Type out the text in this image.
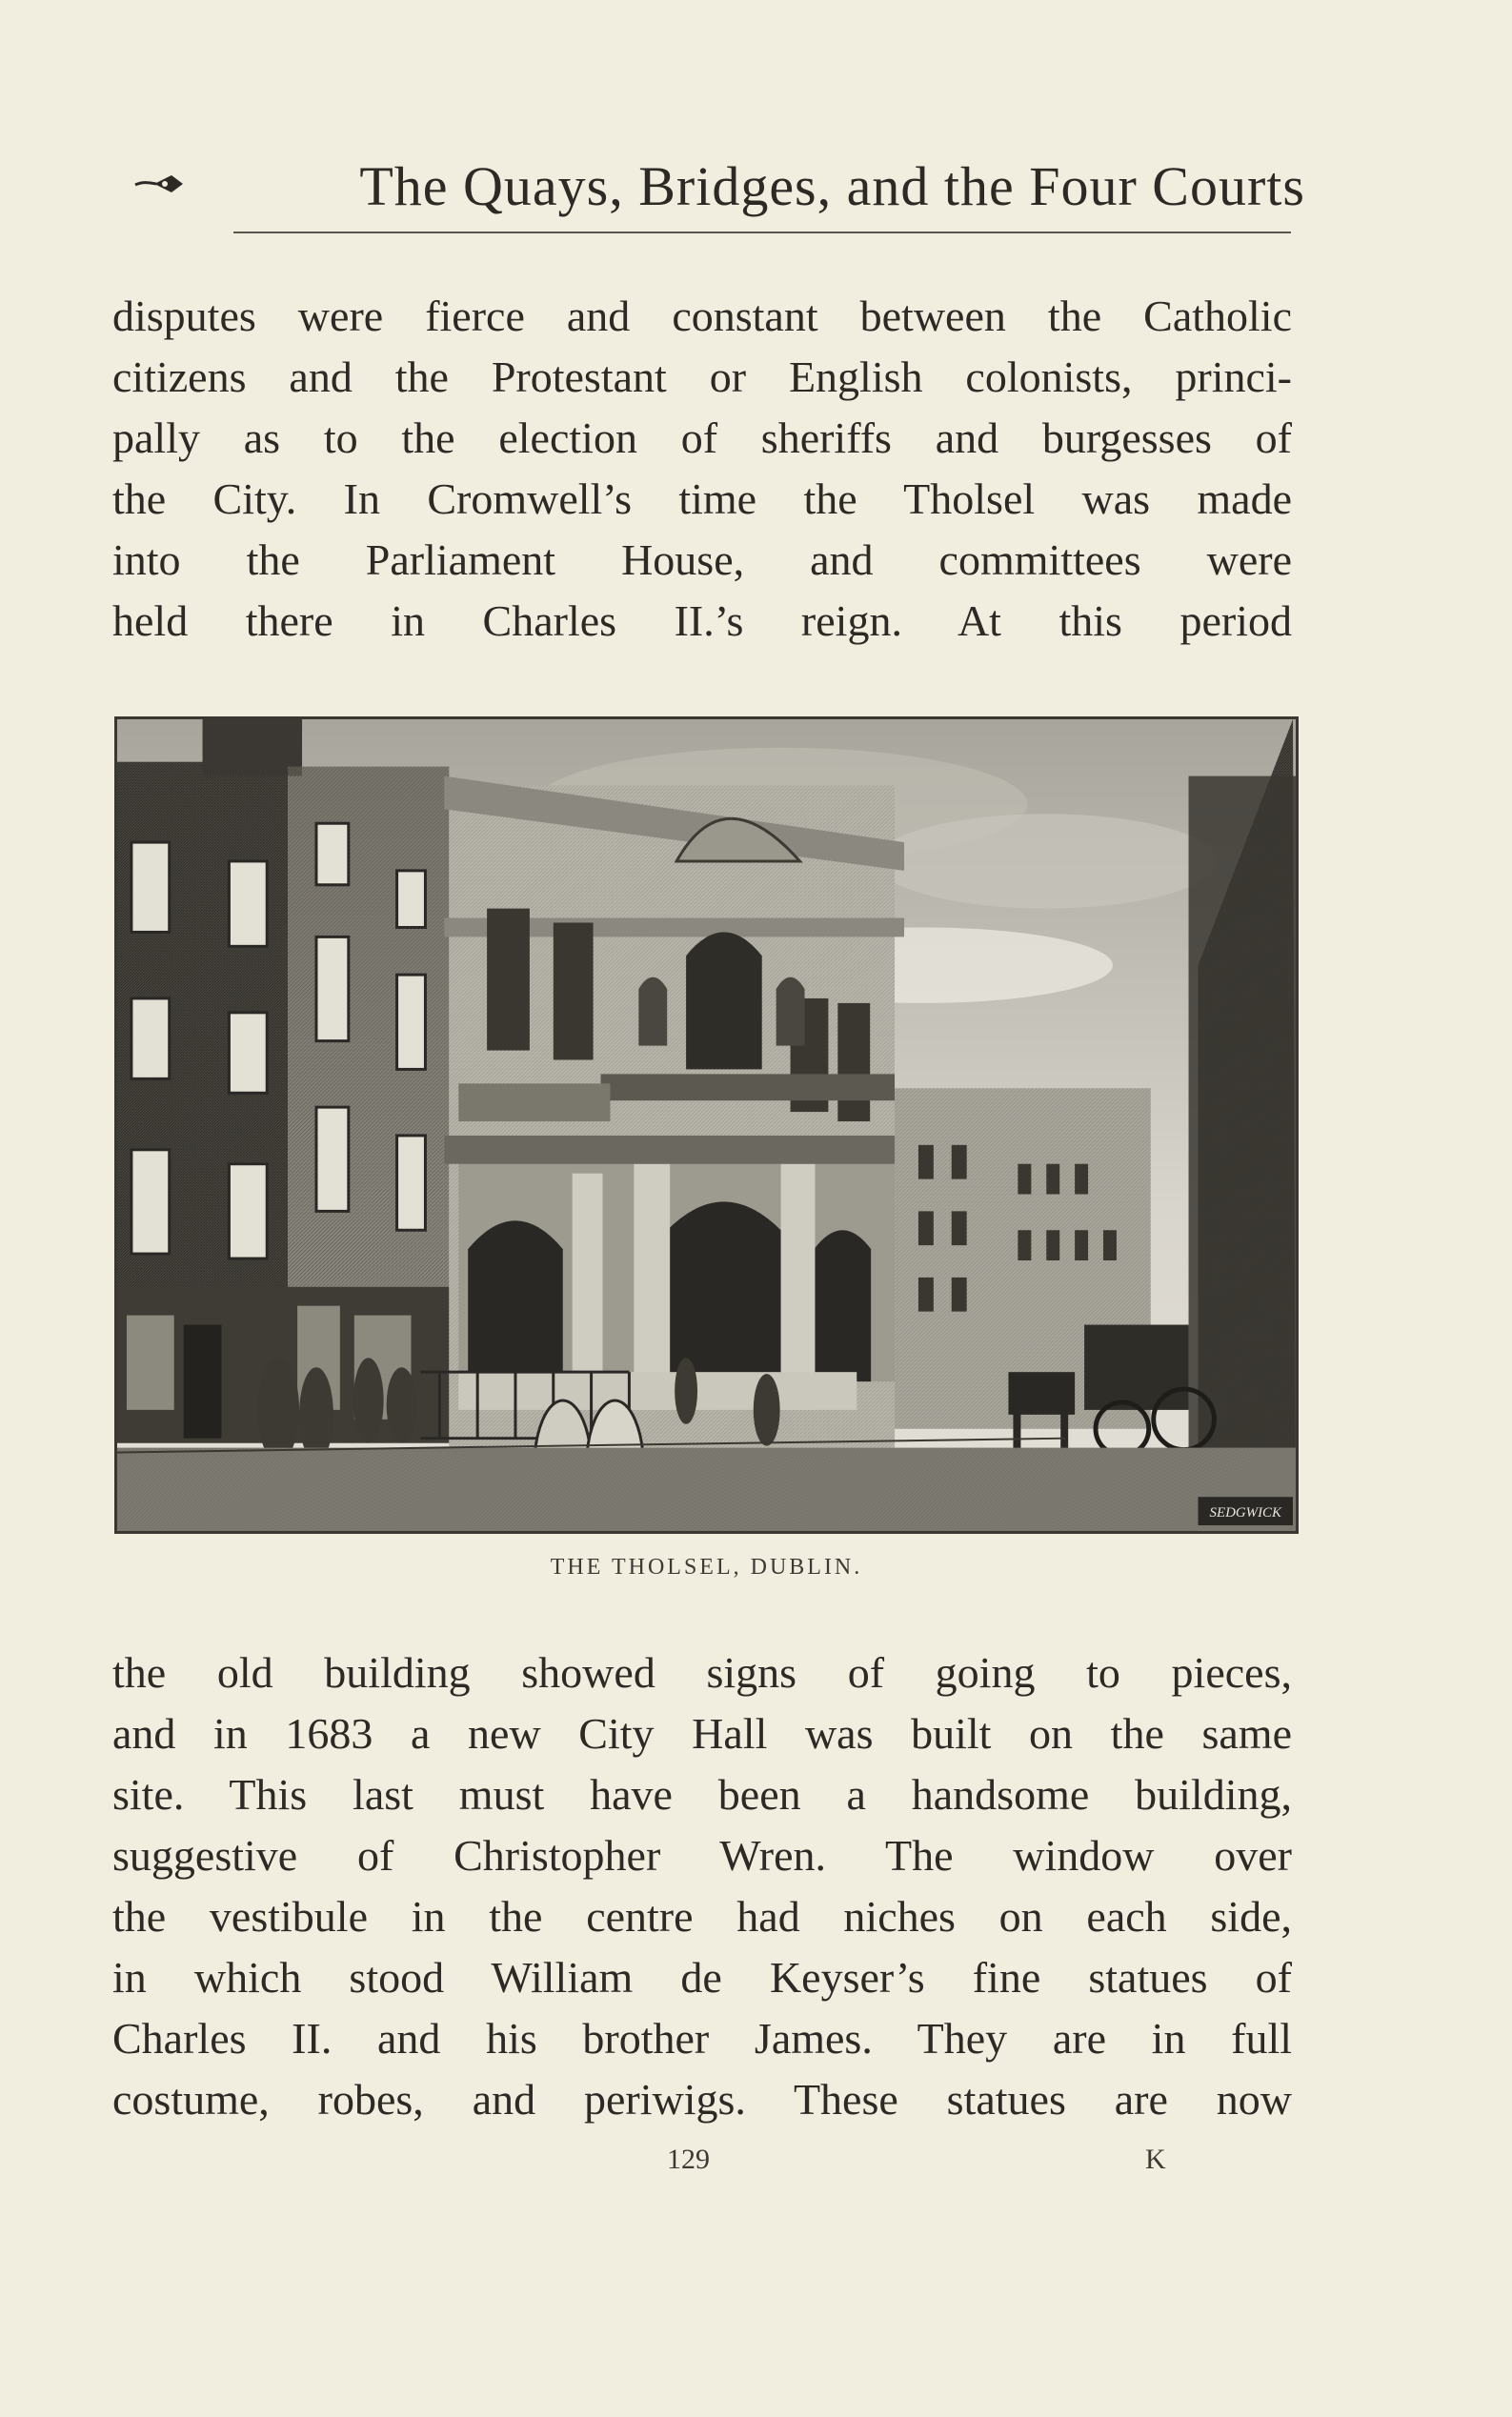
The Quays, Bridges, and the Four Courts
disputes were fierce and constant between the Catholic
citizens and the Protestant or English colonists, princi-
pally as to the election of sheriffs and burgesses of
the City. In Cromwell’s time the Tholsel was made
into the Parliament House, and committees were
held there in Charles II.’s reign. At this period
SEDGWICK
THE THOLSEL, DUBLIN.
the old building showed signs of going to pieces,
and in 1683 a new City Hall was built on the same
site. This last must have been a handsome building,
suggestive of Christopher Wren. The window over
the vestibule in the centre had niches on each side,
in which stood William de Keyser’s fine statues of
Charles II. and his brother James. They are in full
costume, robes, and periwigs. These statues are now
129	K
